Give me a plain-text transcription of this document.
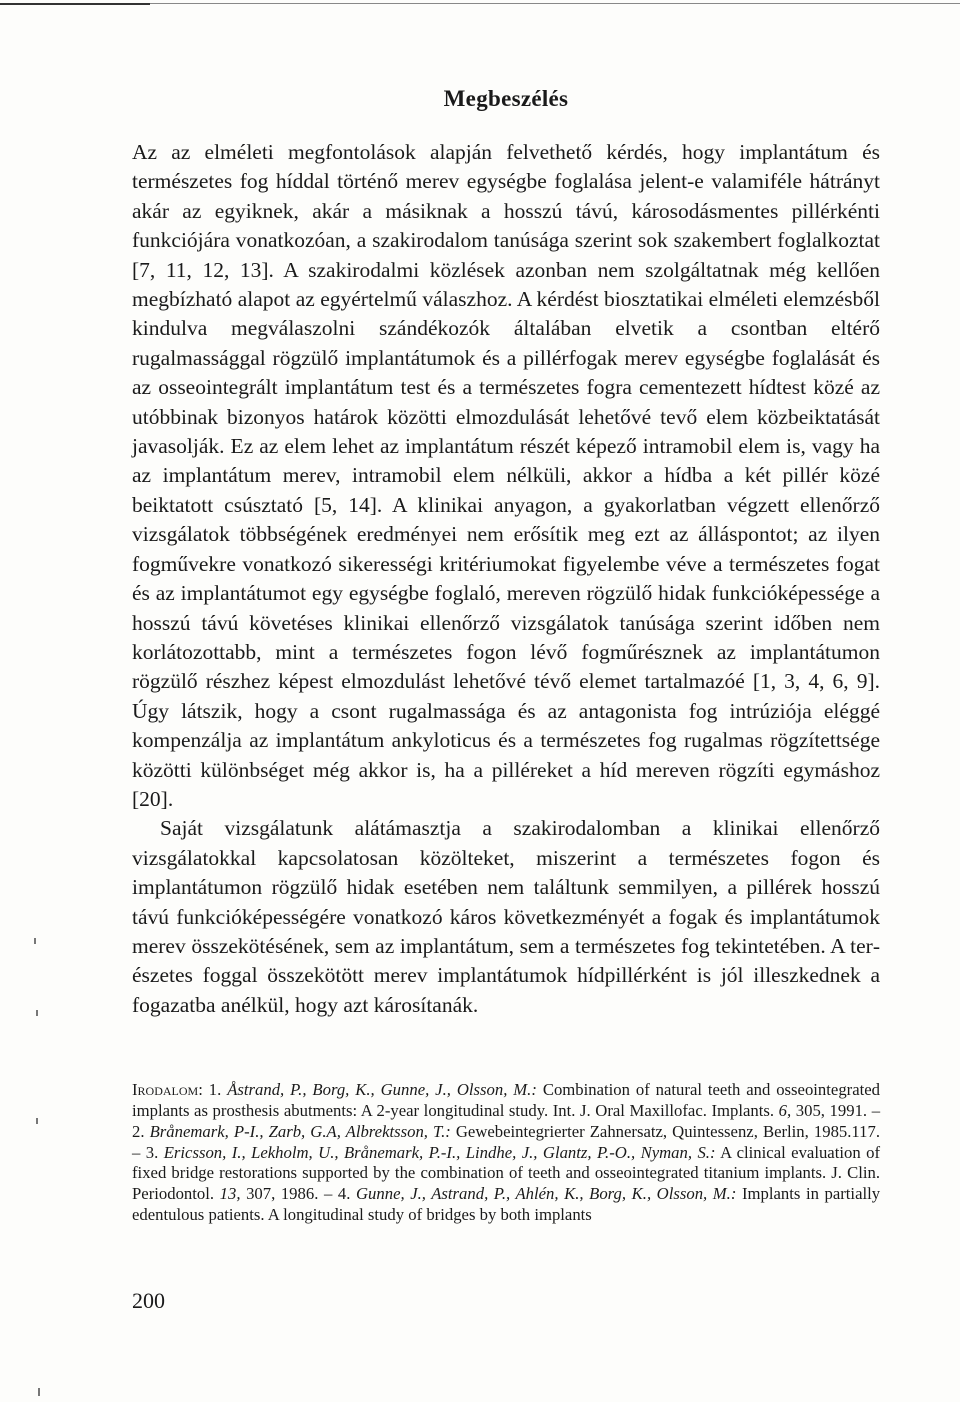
Megbeszélés

Az az elméleti megfontolások alapján felvethető kérdés, hogy implantátum és természetes fog híddal történő merev egységbe foglalása jelent-e valamiféle hátrányt akár az egyiknek, akár a másiknak a hosszú távú, károsodásmentes pillérkénti funkciójára vonatkozóan, a szakirodalom tanúsága szerint sok szakembert foglalkoztat [7, 11, 12, 13]. A szakirodalmi közlések azonban nem szolgáltatnak még kellően megbízható alapot az egyértelmű válaszhoz. A kérdést biosztatikai elméleti elemzésből kindulva megválaszolni szándékozók általában elvetik a csontban eltérő rugalmassággal rögzülő implantátumok és a pillérfogak merev egységbe foglalását és az osseointegrált implantátum test és a természetes fogra cementezett hídtest közé az utóbbinak bizonyos határok közötti elmozdulását lehetővé tevő elem közbeiktatását javasolják. Ez az elem lehet az implantátum részét képező intramobil elem is, vagy ha az implantátum merev, intramobil elem nélküli, akkor a hídba a két pillér közé beiktatott csúsztató [5, 14]. A klinikai anyagon, a gyakorlatban végzett ellenőrző vizsgálatok többségének eredményei nem erősítik meg ezt az álláspontot; az ilyen fogművekre vonatkozó sikerességi kritériumokat figyelembe véve a természetes fogat és az implantátumot egy egységbe foglaló, mereven rögzülő hidak funkcióképessége a hosszú távú követéses klinikai ellenőrző vizsgálatok tanúsága szerint időben nem korlátozottabb, mint a természetes fogon lévő fogműrésznek az implantátumon rögzülő részhez képest elmozdulást lehetővé tévő elemet tartalmazóé [1, 3, 4, 6, 9]. Úgy látszik, hogy a csont rugalmassága és az antagonista fog intrúziója eléggé kompenzálja az implantátum ankyloticus és a természetes fog rugalmas rögzítettsége közötti különbséget még akkor is, ha a pilléreket a híd mereven rögzíti egymáshoz [20].

Saját vizsgálatunk alátámasztja a szakirodalomban a klinikai ellenőrző vizsgálatokkal kapcsolatosan közölteket, miszerint a természetes fogon és implantátumon rögzülő hidak esetében nem találtunk semmilyen, a pillérek hosszú távú funkcióképességére vonatkozó káros következményét a fogak és implantátumok merev összekötésének, sem az implantátum, sem a természetes fog tekintetében. A terészetes foggal összekötött merev implantátumok hídpillérként is jól illeszkednek a fogazatba anélkül, hogy azt károsítanák.

Irodalom: 1. Åstrand, P., Borg, K., Gunne, J., Olsson, M.: Combination of natural teeth and osseointegrated implants as prosthesis abutments: A 2-year longitudinal study. Int. J. Oral Maxillofac. Implants. 6, 305, 1991. – 2. Brånemark, P-I., Zarb, G.A, Albrektsson, T.: Gewebeintegrierter Zahnersatz, Quintessenz, Berlin, 1985.117. – 3. Ericsson, I., Lekholm, U., Brånemark, P.-I., Lindhe, J., Glantz, P.-O., Nyman, S.: A clinical evaluation of fixed bridge restorations supported by the combination of teeth and osseointegrated titanium implants. J. Clin. Periodontol. 13, 307, 1986. – 4. Gunne, J., Astrand, P., Ahlén, K., Borg, K., Olsson, M.: Implants in partially edentulous patients. A longitudinal study of bridges by both implants
200
